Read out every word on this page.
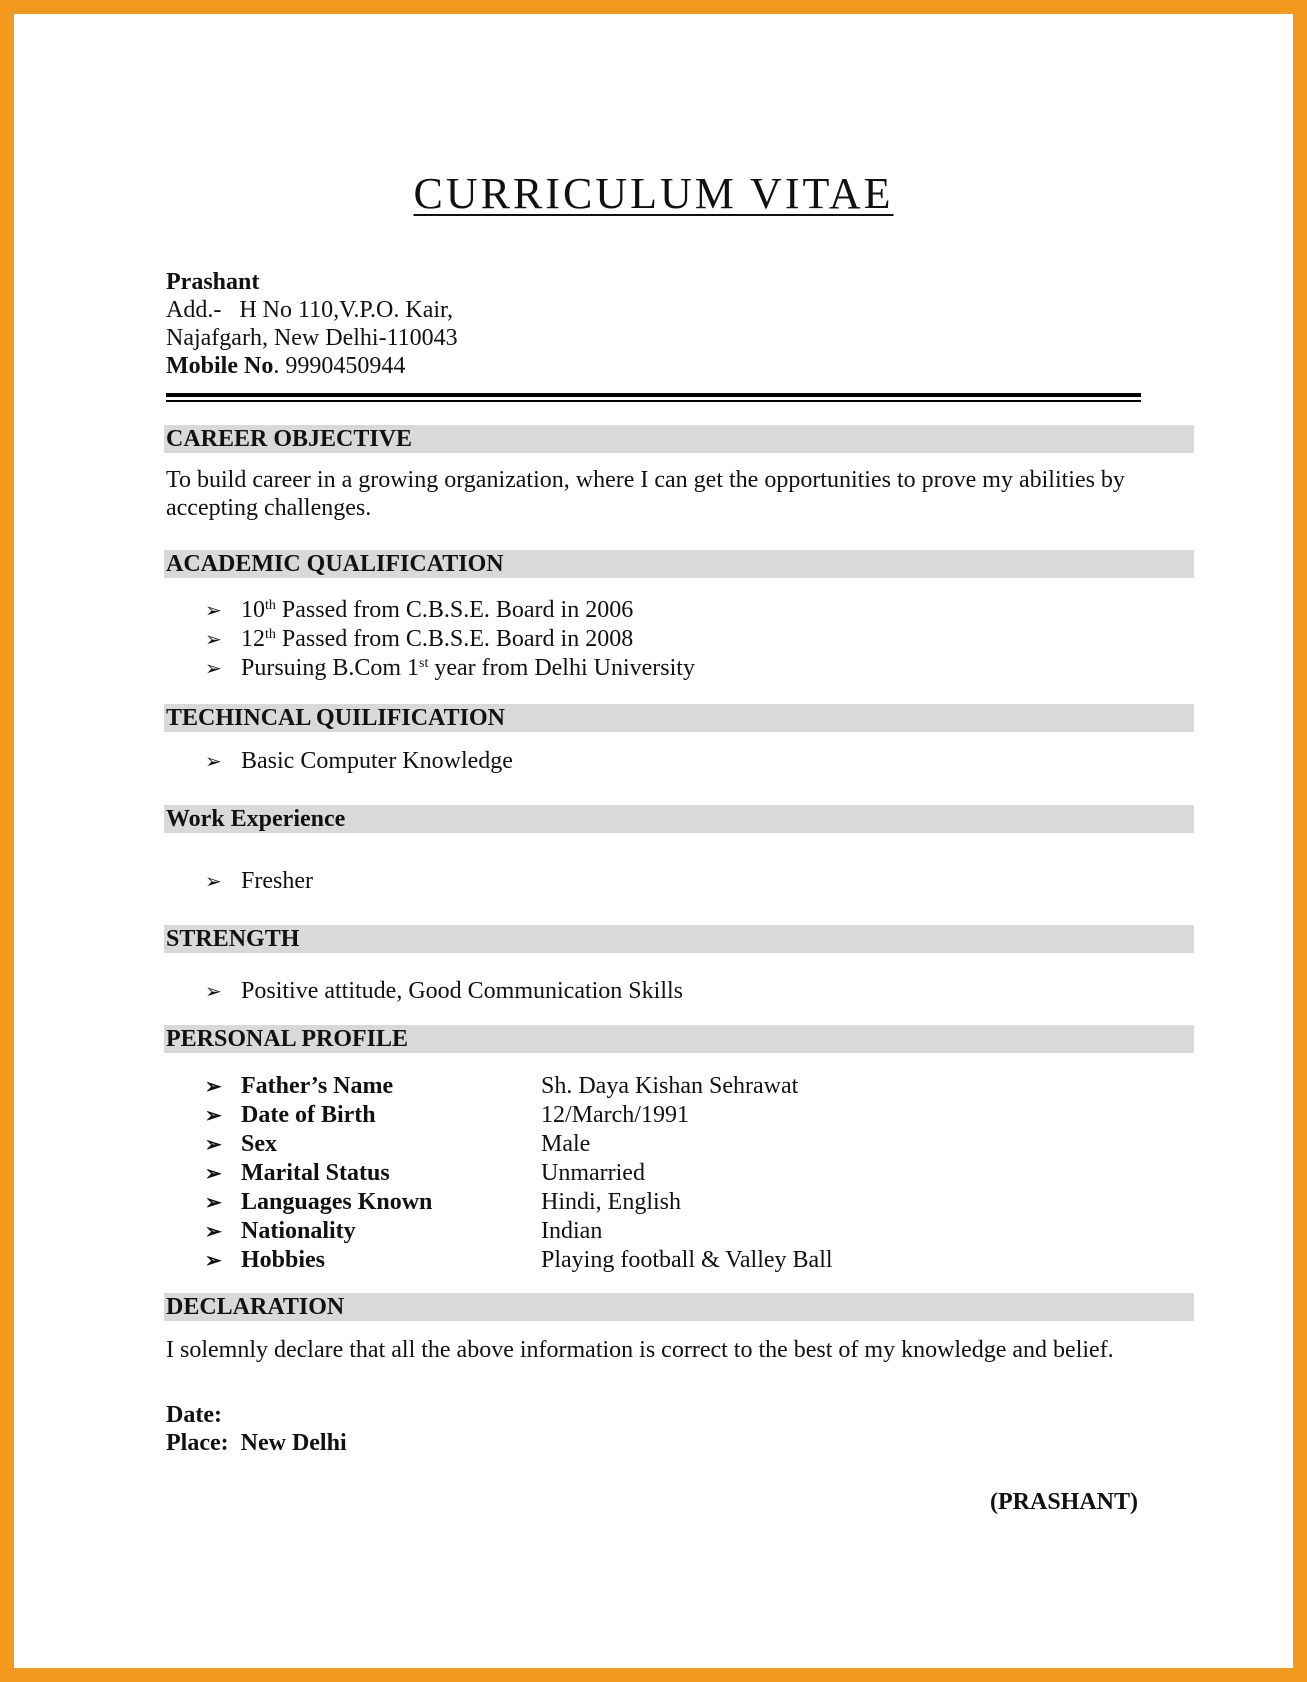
CURRICULUM VITAE
Prashant
Add.- H No 110,V.P.O. Kair,
Najafgarh, New Delhi-110043
Mobile No. 9990450944
CAREER OBJECTIVE
To build career in a growing organization, where I can get the opportunities to prove my abilities by accepting challenges.
ACADEMIC QUALIFICATION
➢ 10th Passed from C.B.S.E. Board in 2006
➢ 12th Passed from C.B.S.E. Board in 2008
➢ Pursuing B.Com 1st year from Delhi University
TECHINCAL QUILIFICATION
➢ Basic Computer Knowledge
Work Experience
➢ Fresher
STRENGTH
➢ Positive attitude, Good Communication Skills
PERSONAL PROFILE
➢ Father’s Name	Sh. Daya Kishan Sehrawat
➢ Date of Birth	12/March/1991
➢ Sex	Male
➢ Marital Status	Unmarried
➢ Languages Known	Hindi, English
➢ Nationality	Indian
➢ Hobbies	Playing football & Valley Ball
DECLARATION
I solemnly declare that all the above information is correct to the best of my knowledge and belief.
Date:
Place: New Delhi
(PRASHANT)
